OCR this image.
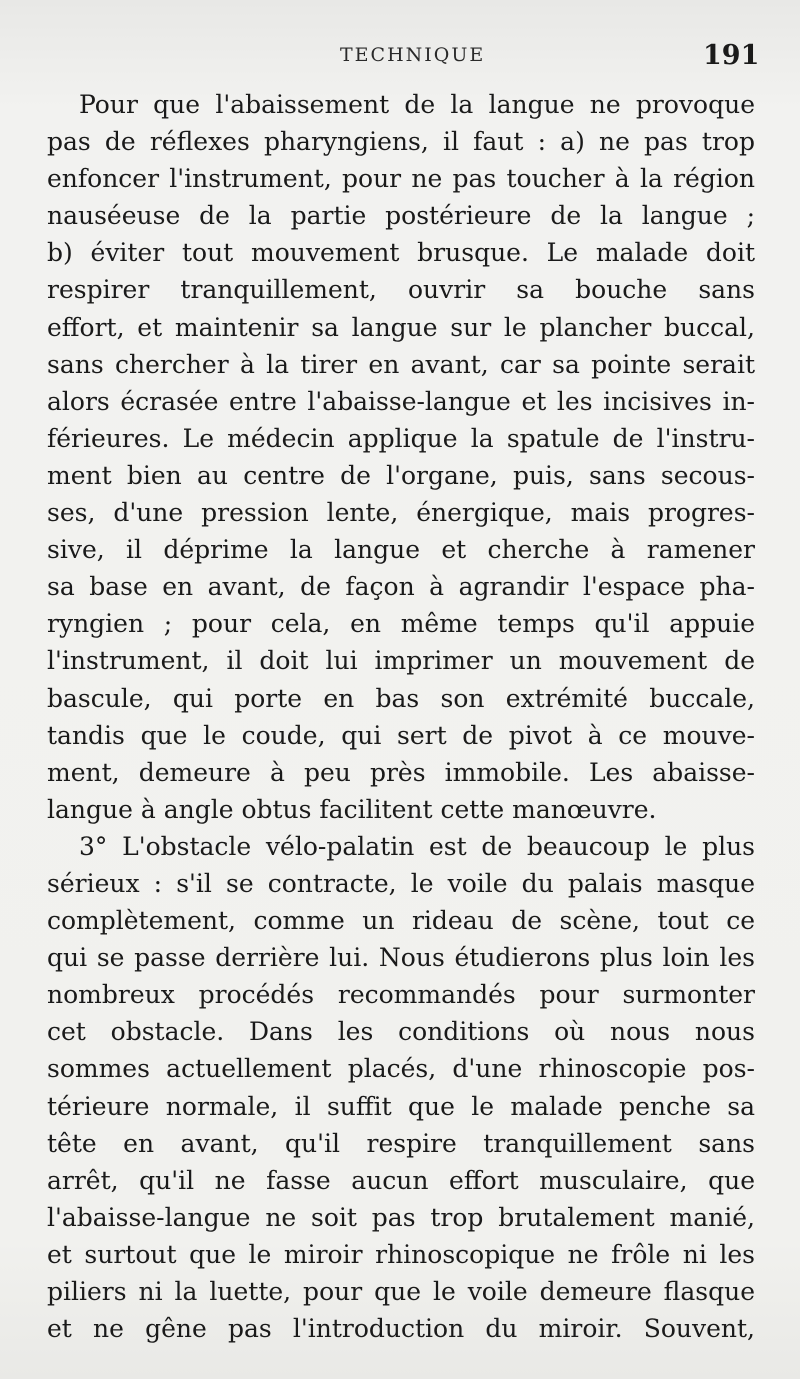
TECHNIQUE	191
Pour que l'abaissement de la langue ne provoque
pas de réflexes pharyngiens, il faut : a) ne pas trop
enfoncer l'instrument, pour ne pas toucher à la région
nauséeuse de la partie postérieure de la langue ;
b) éviter tout mouvement brusque. Le malade doit
respirer tranquillement, ouvrir sa bouche sans
effort, et maintenir sa langue sur le plancher buccal,
sans chercher à la tirer en avant, car sa pointe serait
alors écrasée entre l'abaisse-langue et les incisives in-
férieures. Le médecin applique la spatule de l'instru-
ment bien au centre de l'organe, puis, sans secous-
ses, d'une pression lente, énergique, mais progres-
sive, il déprime la langue et cherche à ramener
sa base en avant, de façon à agrandir l'espace pha-
ryngien ; pour cela, en même temps qu'il appuie
l'instrument, il doit lui imprimer un mouvement de
bascule, qui porte en bas son extrémité buccale,
tandis que le coude, qui sert de pivot à ce mouve-
ment, demeure à peu près immobile. Les abaisse-
langue à angle obtus facilitent cette manœuvre.
3° L'obstacle vélo-palatin est de beaucoup le plus
sérieux : s'il se contracte, le voile du palais masque
complètement, comme un rideau de scène, tout ce
qui se passe derrière lui. Nous étudierons plus loin les
nombreux procédés recommandés pour surmonter
cet obstacle. Dans les conditions où nous nous
sommes actuellement placés, d'une rhinoscopie pos-
térieure normale, il suffit que le malade penche sa
tête en avant, qu'il respire tranquillement sans
arrêt, qu'il ne fasse aucun effort musculaire, que
l'abaisse-langue ne soit pas trop brutalement manié,
et surtout que le miroir rhinoscopique ne frôle ni les
piliers ni la luette, pour que le voile demeure flasque
et ne gêne pas l'introduction du miroir. Souvent,
